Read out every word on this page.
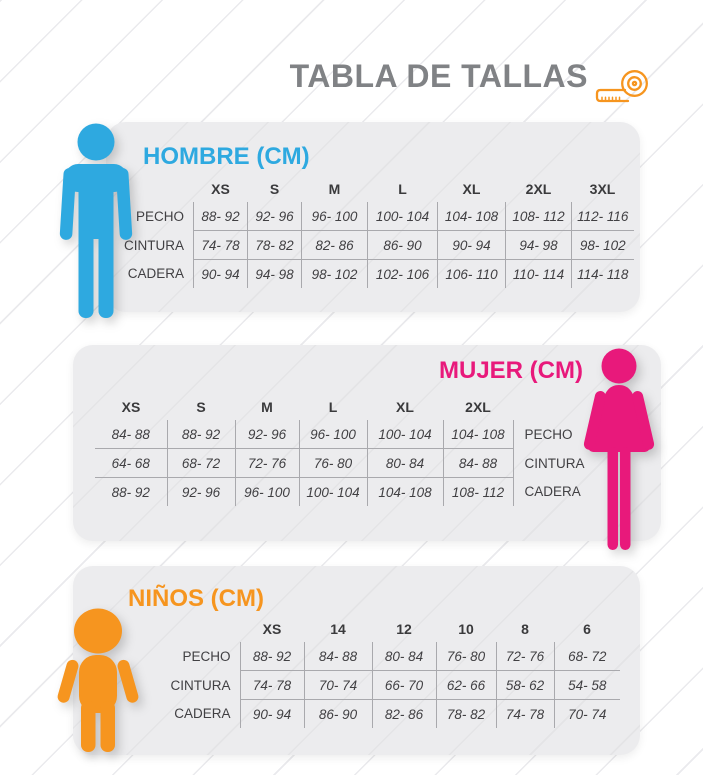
TABLA DE TALLAS
HOMBRE (CM)
	XS	S	M	L	XL	2XL	3XL
PECHO	88- 92	92- 96	96- 100	100- 104	104- 108	108- 112	112- 116
CINTURA	74- 78	78- 82	82- 86	86- 90	90- 94	94- 98	98- 102
CADERA	90- 94	94- 98	98- 102	102- 106	106- 110	110- 114	114- 118
MUJER (CM)
XS	S	M	L	XL	2XL	
84- 88	88- 92	92- 96	96- 100	100- 104	104- 108	PECHO
64- 68	68- 72	72- 76	76- 80	80- 84	84- 88	CINTURA
88- 92	92- 96	96- 100	100- 104	104- 108	108- 112	CADERA
NIÑOS (CM)
	XS	14	12	10	8	6
PECHO	88- 92	84- 88	80- 84	76- 80	72- 76	68- 72
CINTURA	74- 78	70- 74	66- 70	62- 66	58- 62	54- 58
CADERA	90- 94	86- 90	82- 86	78- 82	74- 78	70- 74
